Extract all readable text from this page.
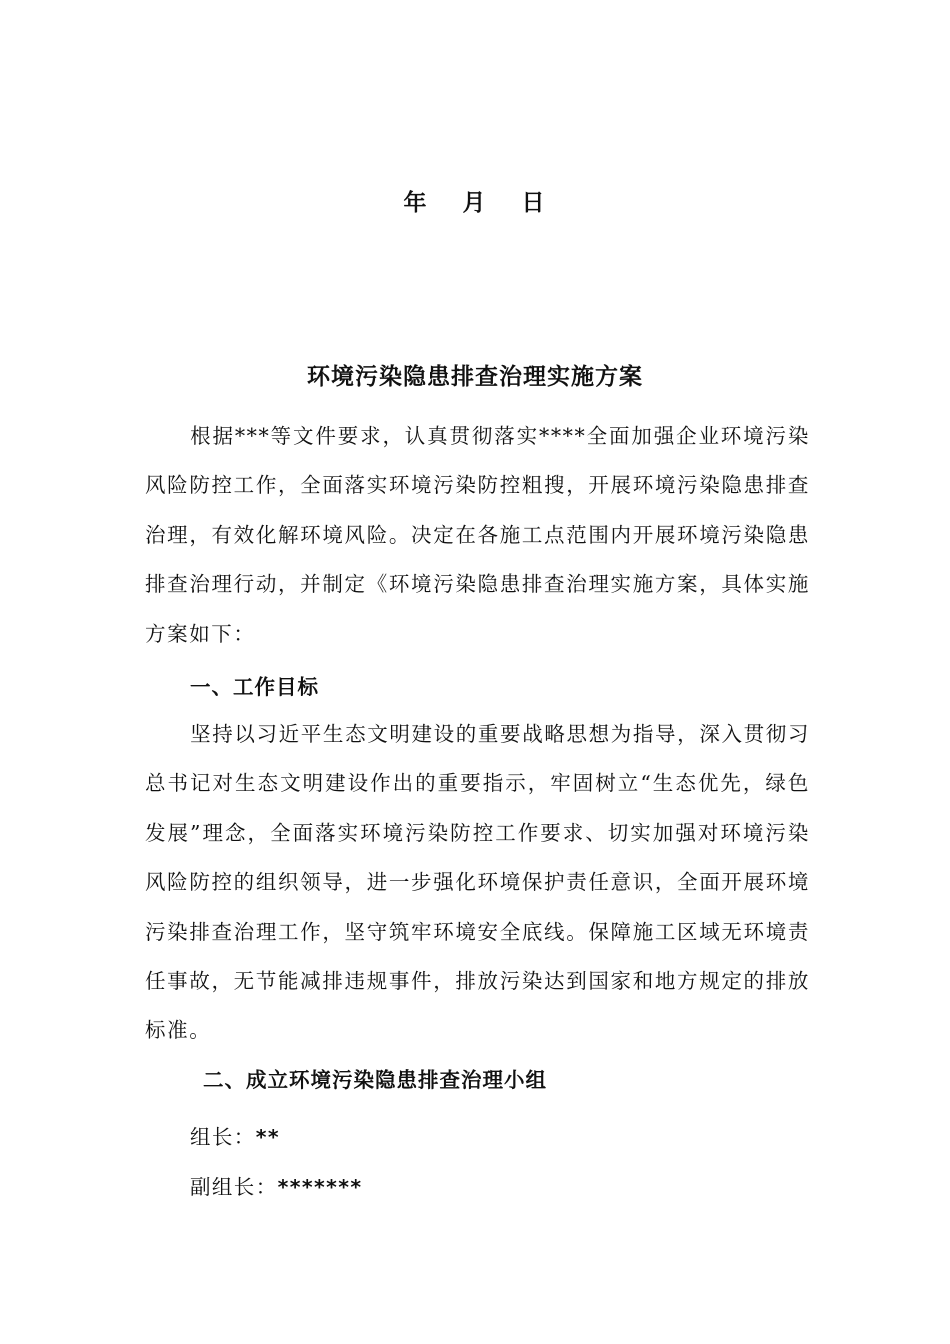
年 月 日
环境污染隐患排查治理实施方案

根据***等文件要求，认真贯彻落实****全面加强企业环境污染风险防控工作，全面落实环境污染防控粗搜，开展环境污染隐患排查治理，有效化解环境风险。决定在各施工点范围内开展环境污染隐患排查治理行动，并制定《环境污染隐患排查治理实施方案，具体实施方案如下：

一、工作目标

坚持以习近平生态文明建设的重要战略思想为指导，深入贯彻习总书记对生态文明建设作出的重要指示，牢固树立“生态优先，绿色发展”理念，全面落实环境污染防控工作要求、切实加强对环境污染风险防控的组织领导，进一步强化环境保护责任意识，全面开展环境污染排查治理工作，坚守筑牢环境安全底线。保障施工区域无环境责任事故，无节能减排违规事件，排放污染达到国家和地方规定的排放标准。

二、成立环境污染隐患排查治理小组
组长：**
副组长：*******
